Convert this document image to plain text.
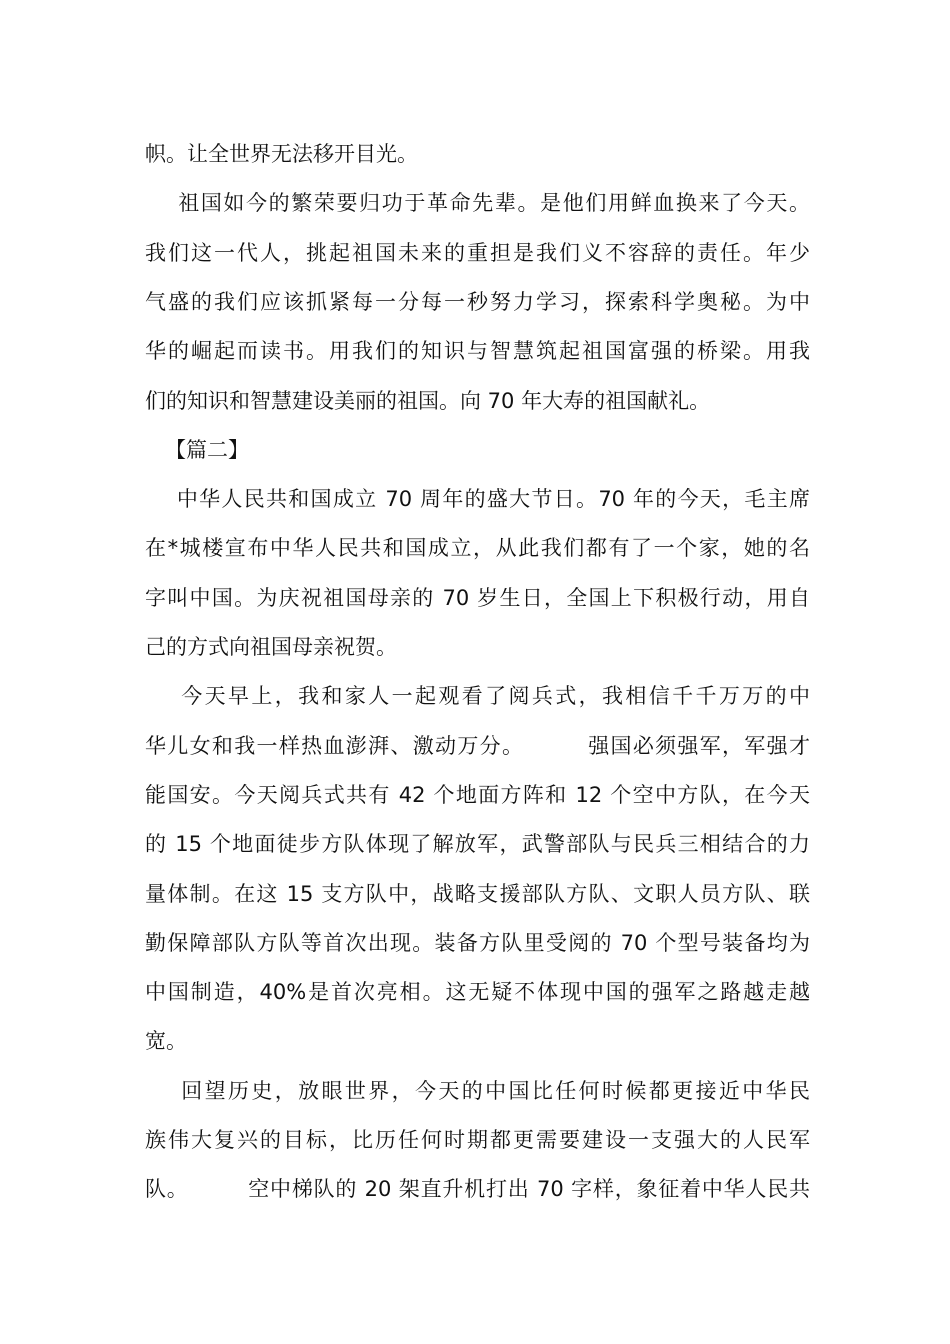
帜。让全世界无法移开目光。
祖国如今的繁荣要归功于革命先辈。是他们用鲜血换来了今天。
我们这一代人，挑起祖国未来的重担是我们义不容辞的责任。年少
气盛的我们应该抓紧每一分每一秒努力学习，探索科学奥秘。为中
华的崛起而读书。用我们的知识与智慧筑起祖国富强的桥梁。用我
们的知识和智慧建设美丽的祖国。向 70 年大寿的祖国献礼。
【篇二】
中华人民共和国成立 70 周年的盛大节日。70 年的今天，毛主席
在*城楼宣布中华人民共和国成立，从此我们都有了一个家，她的名
字叫中国。为庆祝祖国母亲的 70 岁生日，全国上下积极行动，用自
己的方式向祖国母亲祝贺。
今天早上，我和家人一起观看了阅兵式，我相信千千万万的中
华儿女和我一样热血澎湃、激动万分。        强国必须强军，军强才
能国安。今天阅兵式共有 42 个地面方阵和 12 个空中方队，在今天
的 15 个地面徒步方队体现了解放军，武警部队与民兵三相结合的力
量体制。在这 15 支方队中，战略支援部队方队、文职人员方队、联
勤保障部队方队等首次出现。装备方队里受阅的 70 个型号装备均为
中国制造，40%是首次亮相。这无疑不体现中国的强军之路越走越
宽。
回望历史，放眼世界，今天的中国比任何时候都更接近中华民
族伟大复兴的目标，比历任何时期都更需要建设一支强大的人民军
队。        空中梯队的 20 架直升机打出 70 字样，象征着中华人民共
